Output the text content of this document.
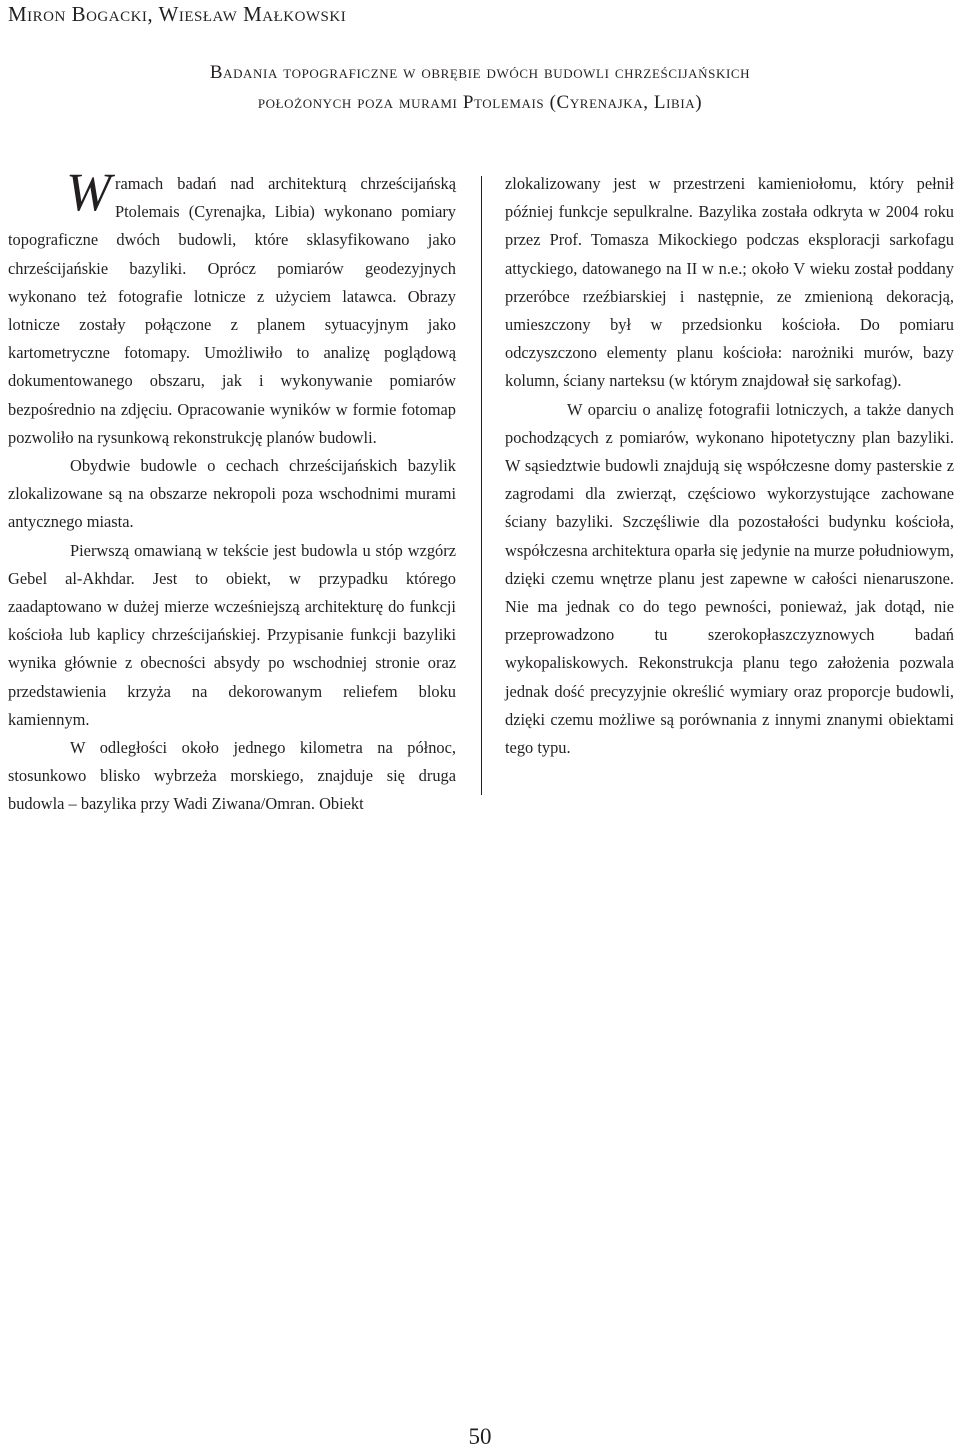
Miron Bogacki, Wiesław Małkowski
Badania topograficzne w obrębie dwóch budowli chrześcijańskich
położonych poza murami Ptolemais (Cyrenajka, Libia)

W ramach badań nad architekturą chrześcijańską Ptolemais (Cyrenajka, Libia) wykonano pomiary topograficzne dwóch budowli, które sklasyfikowano jako chrześcijańskie bazyliki. Oprócz pomiarów geodezyjnych wykonano też fotografie lotnicze z użyciem latawca. Obrazy lotnicze zostały połączone z planem sytuacyjnym jako kartometryczne fotomapy. Umożliwiło to analizę poglądową dokumentowanego obszaru, jak i wykonywanie pomiarów bezpośrednio na zdjęciu. Opracowanie wyników w formie fotomap pozwoliło na rysunkową rekonstrukcję planów budowli.

Obydwie budowle o cechach chrześcijańskich bazylik zlokalizowane są na obszarze nekropoli poza wschodnimi murami antycznego miasta.

Pierwszą omawianą w tekście jest budowla u stóp wzgórz Gebel al-Akhdar. Jest to obiekt, w przypadku którego zaadaptowano w dużej mierze wcześniejszą architekturę do funkcji kościoła lub kaplicy chrześcijańskiej. Przypisanie funkcji bazyliki wynika głównie z obecności absydy po wschodniej stronie oraz przedstawienia krzyża na dekorowanym reliefem bloku kamiennym.

W odległości około jednego kilometra na północ, stosunkowo blisko wybrzeża morskiego, znajduje się druga budowla – bazylika przy Wadi Ziwana/Omran. Obiekt

zlokalizowany jest w przestrzeni kamieniołomu, który pełnił później funkcje sepulkralne. Bazylika została odkryta w 2004 roku przez Prof. Tomasza Mikockiego podczas eksploracji sarkofagu attyckiego, datowanego na II w n.e.; około V wieku został poddany przeróbce rzeźbiarskiej i następnie, ze zmienioną dekoracją, umieszczony był w przedsionku kościoła. Do pomiaru odczyszczono elementy planu kościoła: narożniki murów, bazy kolumn, ściany narteksu (w którym znajdował się sarkofag).

W oparciu o analizę fotografii lotniczych, a także danych pochodzących z pomiarów, wykonano hipotetyczny plan bazyliki. W sąsiedztwie budowli znajdują się współczesne domy pasterskie z zagrodami dla zwierząt, częściowo wykorzystujące zachowane ściany bazyliki. Szczęśliwie dla pozostałości budynku kościoła, współczesna architektura oparła się jedynie na murze południowym, dzięki czemu wnętrze planu jest zapewne w całości nienaruszone. Nie ma jednak co do tego pewności, ponieważ, jak dotąd, nie przeprowadzono tu szerokopłaszczyznowych badań wykopaliskowych. Rekonstrukcja planu tego założenia pozwala jednak dość precyzyjnie określić wymiary oraz proporcje budowli, dzięki czemu możliwe są porównania z innymi znanymi obiektami tego typu.

50
